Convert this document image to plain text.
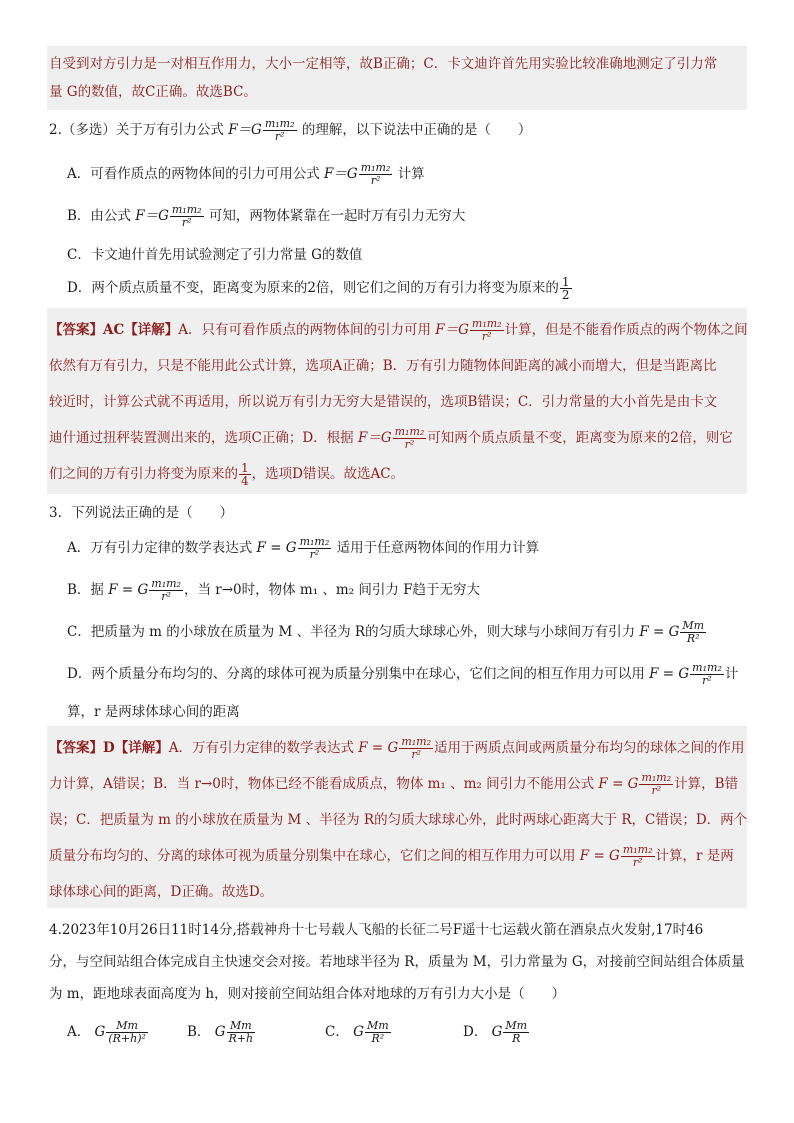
自受到对方引力是一对相互作用力，大小一定相等，故B正确；C．卡文迪许首先用实验比较准确地测定了引力常
量 G的数值，故C正确。故选BC。
2.（多选）关于万有引力公式 $F=G \frac{\text{m₁m₂}}{\text{r²}}$ 的理解，以下说法中正确的是（　　）
A．可看作质点的两物体间的引力可用公式 $F=G \frac{\text{m₁m₂}}{\text{r²}}$ 计算
B．由公式 $F=G \frac{\text{m₁m₂}}{\text{r²}}$ 可知，两物体紧靠在一起时万有引力无穷大
C．卡文迪什首先用试验测定了引力常量 G的数值
D．两个质点质量不变，距离变为原来的2倍，则它们之间的万有引力将变为原来的 $\frac{1}{2}$
【答案】AC【详解】A．只有可看作质点的两物体间的引力可用 $F=G \frac{\text{m₁m₂}}{\text{r²}}$ 计算，但是不能看作质点的两个物体之间
依然有万有引力，只是不能用此公式计算，选项A正确；B．万有引力随物体间距离的减小而增大，但是当距离比
较近时，计算公式就不再适用，所以说万有引力无穷大是错误的，选项B错误；C．引力常量的大小首先是由卡文
迪什通过扭秤装置测出来的，选项C正确；D．根据 $F=G \frac{\text{m₁m₂}}{\text{r²}}$ 可知两个质点质量不变，距离变为原来的2倍，则它
们之间的万有引力将变为原来的 $\frac{1}{4}$ ，选项D错误。故选AC。
3．下列说法正确的是（　　）
A．万有引力定律的数学表达式 F = G $\frac{\text{m₁m₂}}{\text{r²}}$ 适用于任意两物体间的作用力计算
B．据 F = G $\frac{\text{m₁m₂}}{\text{r²}}$ ，当 r→0时，物体 m₁ 、m₂ 间引力 F趋于无穷大
C．把质量为 m 的小球放在质量为 M 、半径为 R的匀质大球球心外，则大球与小球间万有引力 F = G $\frac{Mm}{\text{R²}}$
D．两个质量分布均匀的、分离的球体可视为质量分别集中在球心，它们之间的相互作用力可以用 F = G $\frac{\text{m₁m₂}}{\text{r²}}$ 计
算，r 是两球体球心间的距离
【答案】D【详解】A．万有引力定律的数学表达式 F = G $\frac{\text{m₁m₂}}{\text{r²}}$ 适用于两质点间或两质量分布均匀的球体之间的作用
力计算，A错误；B．当 r→0时，物体已经不能看成质点，物体 m₁ 、m₂ 间引力不能用公式 F = G $\frac{\text{m₁m₂}}{\text{r²}}$ 计算，B错
误；C．把质量为 m 的小球放在质量为 M 、半径为 R的匀质大球球心外，此时两球心距离大于 R，C错误；D．两个
质量分布均匀的、分离的球体可视为质量分别集中在球心，它们之间的相互作用力可以用 F = G $\frac{\text{m₁m₂}}{\text{r²}}$ 计算，r 是两
球体球心间的距离，D正确。故选D。
4.2023年10月26日11时14分,搭载神舟十七号载人飞船的长征二号F遥十七运载火箭在酒泉点火发射,17时46
分，与空间站组合体完成自主快速交会对接。若地球半径为 R，质量为 M，引力常量为 G，对接前空间站组合体质量
为 m，距地球表面高度为 h，则对接前空间站组合体对地球的万有引力大小是（　　）
A． G $\frac{Mm}{\text{(R+h)²}}$	B． G $\frac{Mm}{R+h}$	C． G $\frac{Mm}{\text{R²}}$	D． G $\frac{Mm}{R}$
